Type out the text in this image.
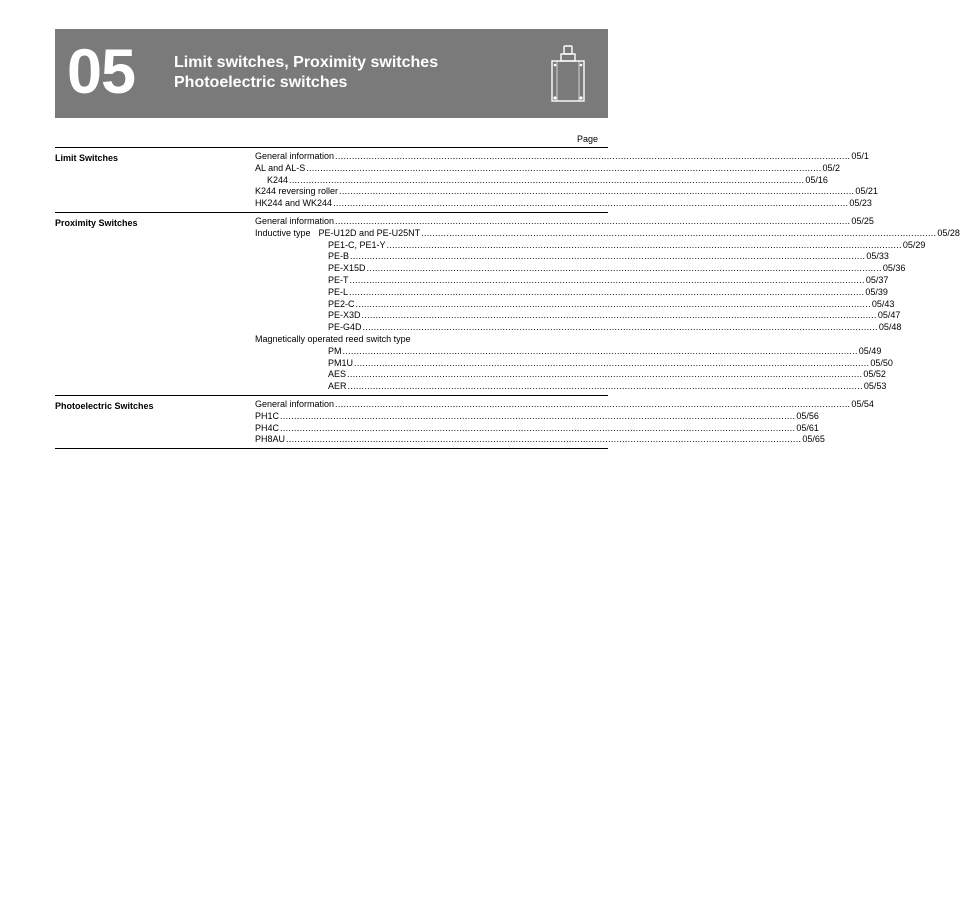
05 Limit switches, Proximity switches
Photoelectric switches
Page
Limit Switches	General information ........................................................................................................................................................................................ 05/1
AL and AL-S ........................................................................................................................................................................................ 05/2
K244 ........................................................................................................................................................................................ 05/16
K244 reversing roller ........................................................................................................................................................................................ 05/21
HK244 and WK244 ........................................................................................................................................................................................ 05/23
Proximity Switches	General information ........................................................................................................................................................................................ 05/25
Inductive type PE-U12D and PE-U25NT ........................................................................................................................................................................................ 05/28
PE1-C, PE1-Y ........................................................................................................................................................................................ 05/29
PE-B ........................................................................................................................................................................................ 05/33
PE-X15D ........................................................................................................................................................................................ 05/36
PE-T ........................................................................................................................................................................................ 05/37
PE-L ........................................................................................................................................................................................ 05/39
PE2-C ........................................................................................................................................................................................ 05/43
PE-X3D ........................................................................................................................................................................................ 05/47
PE-G4D ........................................................................................................................................................................................ 05/48
Magnetically operated reed switch type
PM ........................................................................................................................................................................................ 05/49
PM1U ........................................................................................................................................................................................ 05/50
AES ........................................................................................................................................................................................ 05/52
AER ........................................................................................................................................................................................ 05/53
Photoelectric Switches	General information ........................................................................................................................................................................................ 05/54
PH1C ........................................................................................................................................................................................ 05/56
PH4C ........................................................................................................................................................................................ 05/61
PH8AU ........................................................................................................................................................................................ 05/65
